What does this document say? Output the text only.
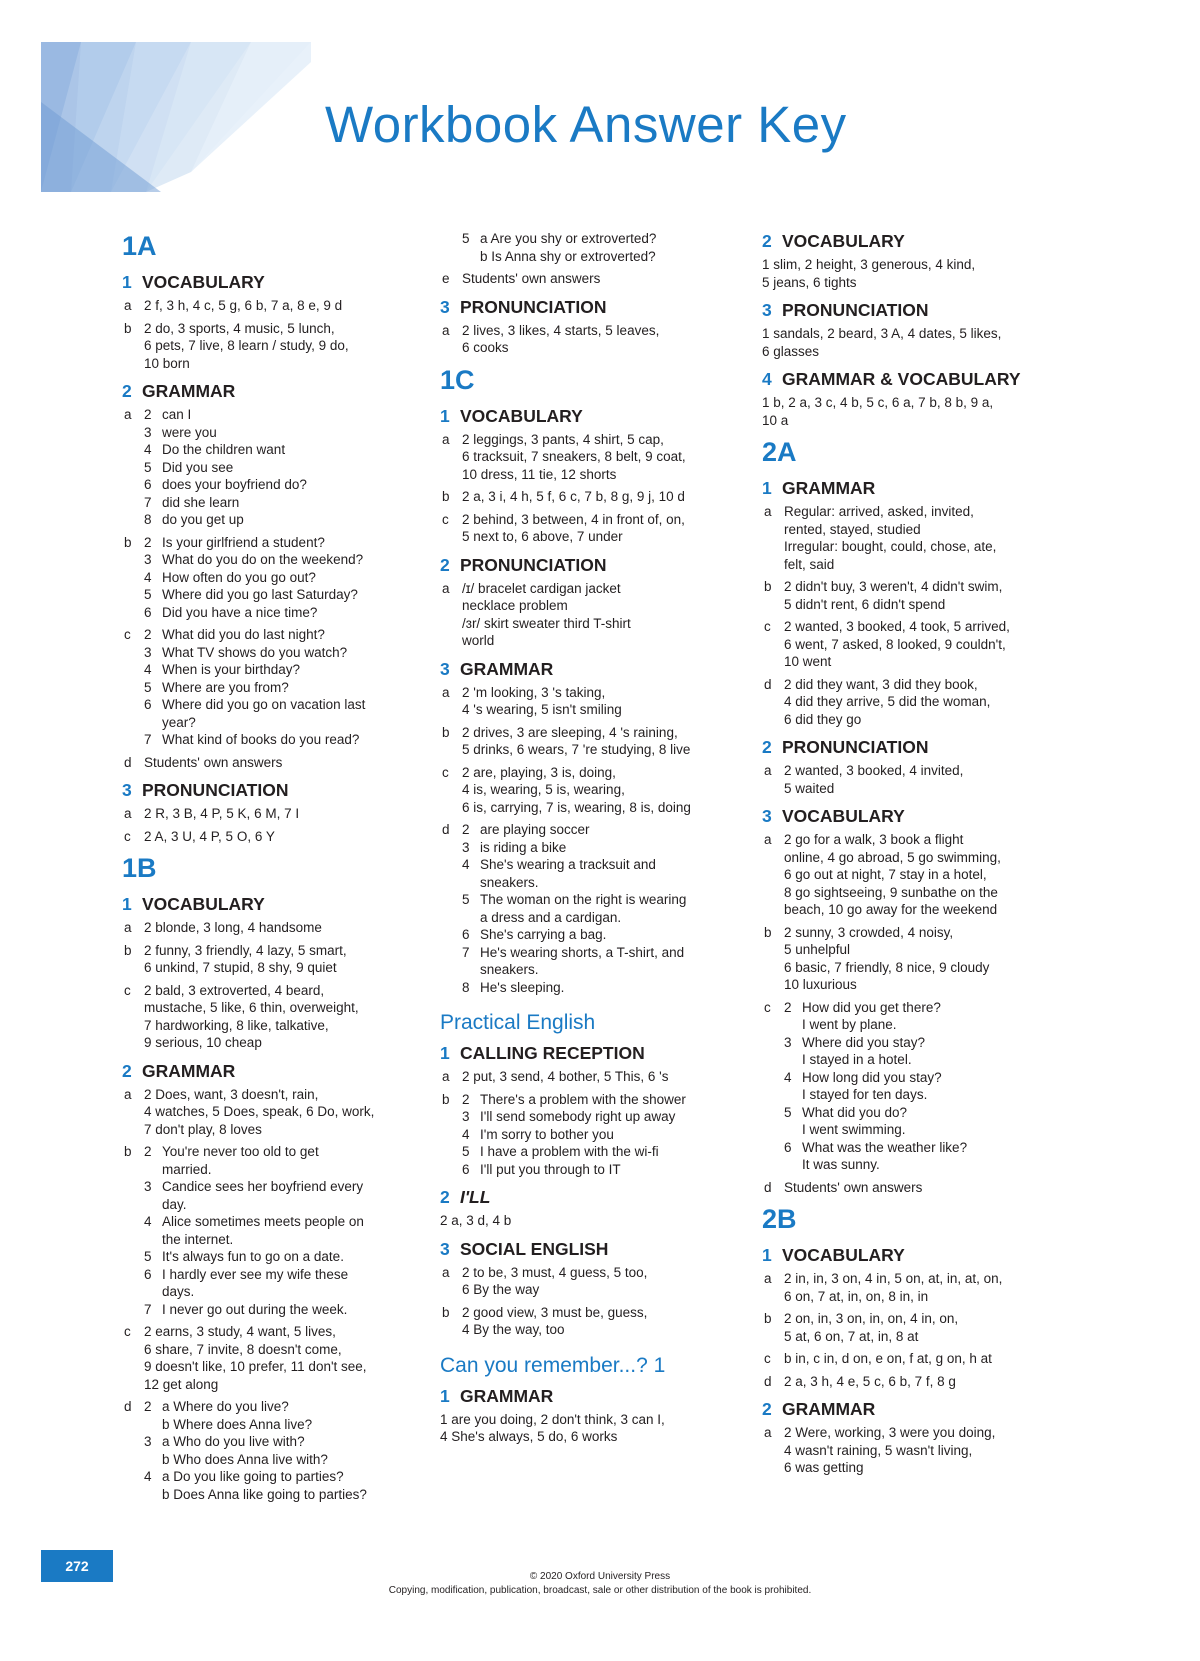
Workbook Answer Key
1A
1 VOCABULARY
a 2 f, 3 h, 4 c, 5 g, 6 b, 7 a, 8 e, 9 d
b 2 do, 3 sports, 4 music, 5 lunch,
6 pets, 7 live, 8 learn / study, 9 do,
10 born
2 GRAMMAR
a 2 can I
3 were you
4 Do the children want
5 Did you see
6 does your boyfriend do?
7 did she learn
8 do you get up
b 2 Is your girlfriend a student?
3 What do you do on the weekend?
4 How often do you go out?
5 Where did you go last Saturday?
6 Did you have a nice time?
c 2 What did you do last night?
3 What TV shows do you watch?
4 When is your birthday?
5 Where are you from?
6 Where did you go on vacation last
year?
7 What kind of books do you read?
d Students' own answers
3 PRONUNCIATION
a 2 R, 3 B, 4 P, 5 K, 6 M, 7 I
c 2 A, 3 U, 4 P, 5 O, 6 Y
1B
1 VOCABULARY
a 2 blonde, 3 long, 4 handsome
b 2 funny, 3 friendly, 4 lazy, 5 smart,
6 unkind, 7 stupid, 8 shy, 9 quiet
c 2 bald, 3 extroverted, 4 beard,
mustache, 5 like, 6 thin, overweight,
7 hardworking, 8 like, talkative,
9 serious, 10 cheap
2 GRAMMAR
a 2 Does, want, 3 doesn't, rain,
4 watches, 5 Does, speak, 6 Do, work,
7 don't play, 8 loves
b 2 You're never too old to get
married.
3 Candice sees her boyfriend every
day.
4 Alice sometimes meets people on
the internet.
5 It's always fun to go on a date.
6 I hardly ever see my wife these
days.
7 I never go out during the week.
c 2 earns, 3 study, 4 want, 5 lives,
6 share, 7 invite, 8 doesn't come,
9 doesn't like, 10 prefer, 11 don't see,
12 get along
d 2 a Where do you live?
b Where does Anna live?
3 a Who do you live with?
b Who does Anna live with?
4 a Do you like going to parties?
b Does Anna like going to parties?
5 a Are you shy or extroverted?
b Is Anna shy or extroverted?
e Students' own answers
3 PRONUNCIATION
a 2 lives, 3 likes, 4 starts, 5 leaves,
6 cooks
1C
1 VOCABULARY
a 2 leggings, 3 pants, 4 shirt, 5 cap,
6 tracksuit, 7 sneakers, 8 belt, 9 coat,
10 dress, 11 tie, 12 shorts
b 2 a, 3 i, 4 h, 5 f, 6 c, 7 b, 8 g, 9 j, 10 d
c 2 behind, 3 between, 4 in front of, on,
5 next to, 6 above, 7 under
2 PRONUNCIATION
a /ɪ/ bracelet cardigan jacket
necklace problem
/ɜr/ skirt sweater third T-shirt
world
3 GRAMMAR
a 2 'm looking, 3 's taking,
4 's wearing, 5 isn't smiling
b 2 drives, 3 are sleeping, 4 's raining,
5 drinks, 6 wears, 7 're studying, 8 live
c 2 are, playing, 3 is, doing,
4 is, wearing, 5 is, wearing,
6 is, carrying, 7 is, wearing, 8 is, doing
d 2 are playing soccer
3 is riding a bike
4 She's wearing a tracksuit and
sneakers.
5 The woman on the right is wearing
a dress and a cardigan.
6 She's carrying a bag.
7 He's wearing shorts, a T-shirt, and
sneakers.
8 He's sleeping.
Practical English
1 CALLING RECEPTION
a 2 put, 3 send, 4 bother, 5 This, 6 's
b 2 There's a problem with the shower
3 I'll send somebody right up away
4 I'm sorry to bother you
5 I have a problem with the wi-fi
6 I'll put you through to IT
2 I'LL
2 a, 3 d, 4 b
3 SOCIAL ENGLISH
a 2 to be, 3 must, 4 guess, 5 too,
6 By the way
b 2 good view, 3 must be, guess,
4 By the way, too
Can you remember...? 1
1 GRAMMAR
1 are you doing, 2 don't think, 3 can I,
4 She's always, 5 do, 6 works
2 VOCABULARY
1 slim, 2 height, 3 generous, 4 kind,
5 jeans, 6 tights
3 PRONUNCIATION
1 sandals, 2 beard, 3 A, 4 dates, 5 likes,
6 glasses
4 GRAMMAR & VOCABULARY
1 b, 2 a, 3 c, 4 b, 5 c, 6 a, 7 b, 8 b, 9 a,
10 a
2A
1 GRAMMAR
a Regular: arrived, asked, invited,
rented, stayed, studied
Irregular: bought, could, chose, ate,
felt, said
b 2 didn't buy, 3 weren't, 4 didn't swim,
5 didn't rent, 6 didn't spend
c 2 wanted, 3 booked, 4 took, 5 arrived,
6 went, 7 asked, 8 looked, 9 couldn't,
10 went
d 2 did they want, 3 did they book,
4 did they arrive, 5 did the woman,
6 did they go
2 PRONUNCIATION
a 2 wanted, 3 booked, 4 invited,
5 waited
3 VOCABULARY
a 2 go for a walk, 3 book a flight
online, 4 go abroad, 5 go swimming,
6 go out at night, 7 stay in a hotel,
8 go sightseeing, 9 sunbathe on the
beach, 10 go away for the weekend
b 2 sunny, 3 crowded, 4 noisy,
5 unhelpful
6 basic, 7 friendly, 8 nice, 9 cloudy
10 luxurious
c 2 How did you get there?
I went by plane.
3 Where did you stay?
I stayed in a hotel.
4 How long did you stay?
I stayed for ten days.
5 What did you do?
I went swimming.
6 What was the weather like?
It was sunny.
d Students' own answers
2B
1 VOCABULARY
a 2 in, in, 3 on, 4 in, 5 on, at, in, at, on,
6 on, 7 at, in, on, 8 in, in
b 2 on, in, 3 on, in, on, 4 in, on,
5 at, 6 on, 7 at, in, 8 at
c b in, c in, d on, e on, f at, g on, h at
d 2 a, 3 h, 4 e, 5 c, 6 b, 7 f, 8 g
2 GRAMMAR
a 2 Were, working, 3 were you doing,
4 wasn't raining, 5 wasn't living,
6 was getting
272
© 2020 Oxford University Press
Copying, modification, publication, broadcast, sale or other distribution of the book is prohibited.
